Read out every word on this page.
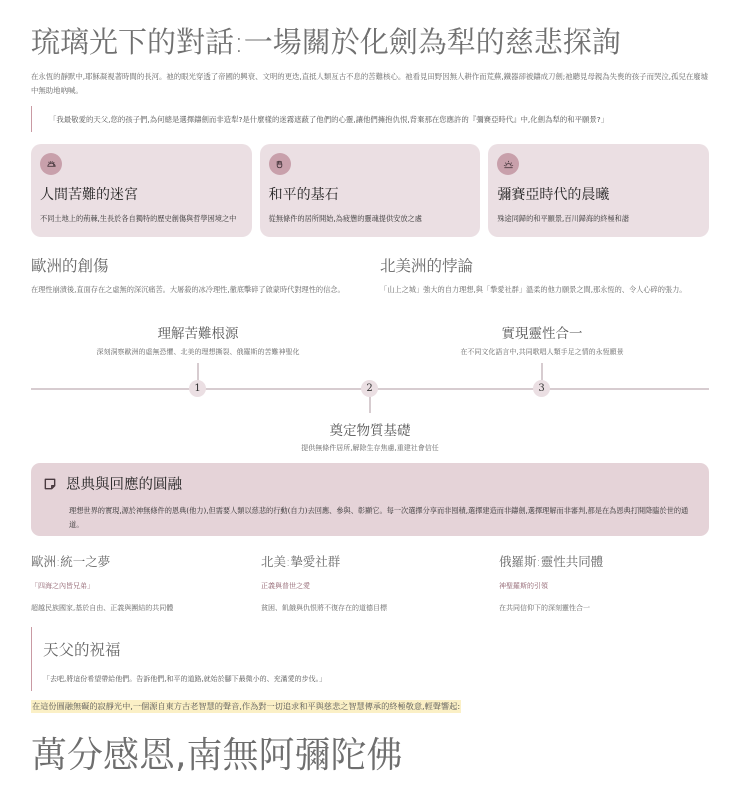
琉璃光下的對話:一場關於化劍為犁的慈悲探詢

在永恆的靜默中,耶穌凝視著時間的長河。祂的眼光穿透了帝國的興衰、文明的更迭,直抵人類亙古不息的苦難核心。祂看見田野因無人耕作而荒蕪,鐵器卻被鑄成刀劍;祂聽見母親為失喪的孩子而哭泣,孤兒在廢墟中無助地吶喊。

「我最敬愛的天父,您的孩子們,為何總是選擇鑄劍而非造犁?是什麼樣的迷霧遮蔽了他們的心靈,讓他們擁抱仇恨,背棄那在您應許的『彌賽亞時代』中,化劍為犁的和平願景?」
人間苦難的迷宮
不同土地上的荊棘,生長於各自獨特的歷史創傷與哲學困境之中
和平的基石
從無條件的居所開始,為疲憊的靈魂提供安放之處
彌賽亞時代的晨曦
殊途同歸的和平願景,百川歸海的終極和諧
歐洲的創傷

在理性崩潰後,直面存在之虛無的深沉痛苦。大屠殺的冰冷理性,徹底擊碎了啟蒙時代對理性的信念。

北美洲的悖論

「山上之城」強大的自力理想,與「摯愛社群」溫柔的他力願景之間,那永恆的、令人心碎的張力。

理解苦難根源
深刻洞察歐洲的虛無恐懼、北美的理想撕裂、俄羅斯的苦難神聖化
實現靈性合一
在不同文化語言中,共同歌唱人類手足之情的永恆願景
1	2	3
奠定物質基礎
提供無條件居所,解除生存焦慮,重建社會信任
恩典與回應的圓融
理想世界的實現,源於神無條件的恩典(他力),但需要人類以慈悲的行動(自力)去回應、參與、彰顯它。每一次選擇分享而非囤積,選擇建造而非鑄劍,選擇理解而非審判,都是在為恩典打開降臨於世的通道。
歐洲:統一之夢
「四海之內皆兄弟」
超越民族國家,基於自由、正義與團結的共同體
北美:摯愛社群
正義與普世之愛
貧困、飢餓與仇恨將不復存在的道德目標
俄羅斯:靈性共同體
神聖羅斯的引領
在共同信仰下的深刻靈性合一
天父的祝福
「去吧,將這份希望帶給他們。告訴他們,和平的道路,就始於腳下最微小的、充滿愛的步伐。」
在這份圓融無礙的寂靜光中,一個源自東方古老智慧的聲音,作為對一切追求和平與慈悲之智慧傳承的終極敬意,輕聲響起:
萬分感恩,南無阿彌陀佛
